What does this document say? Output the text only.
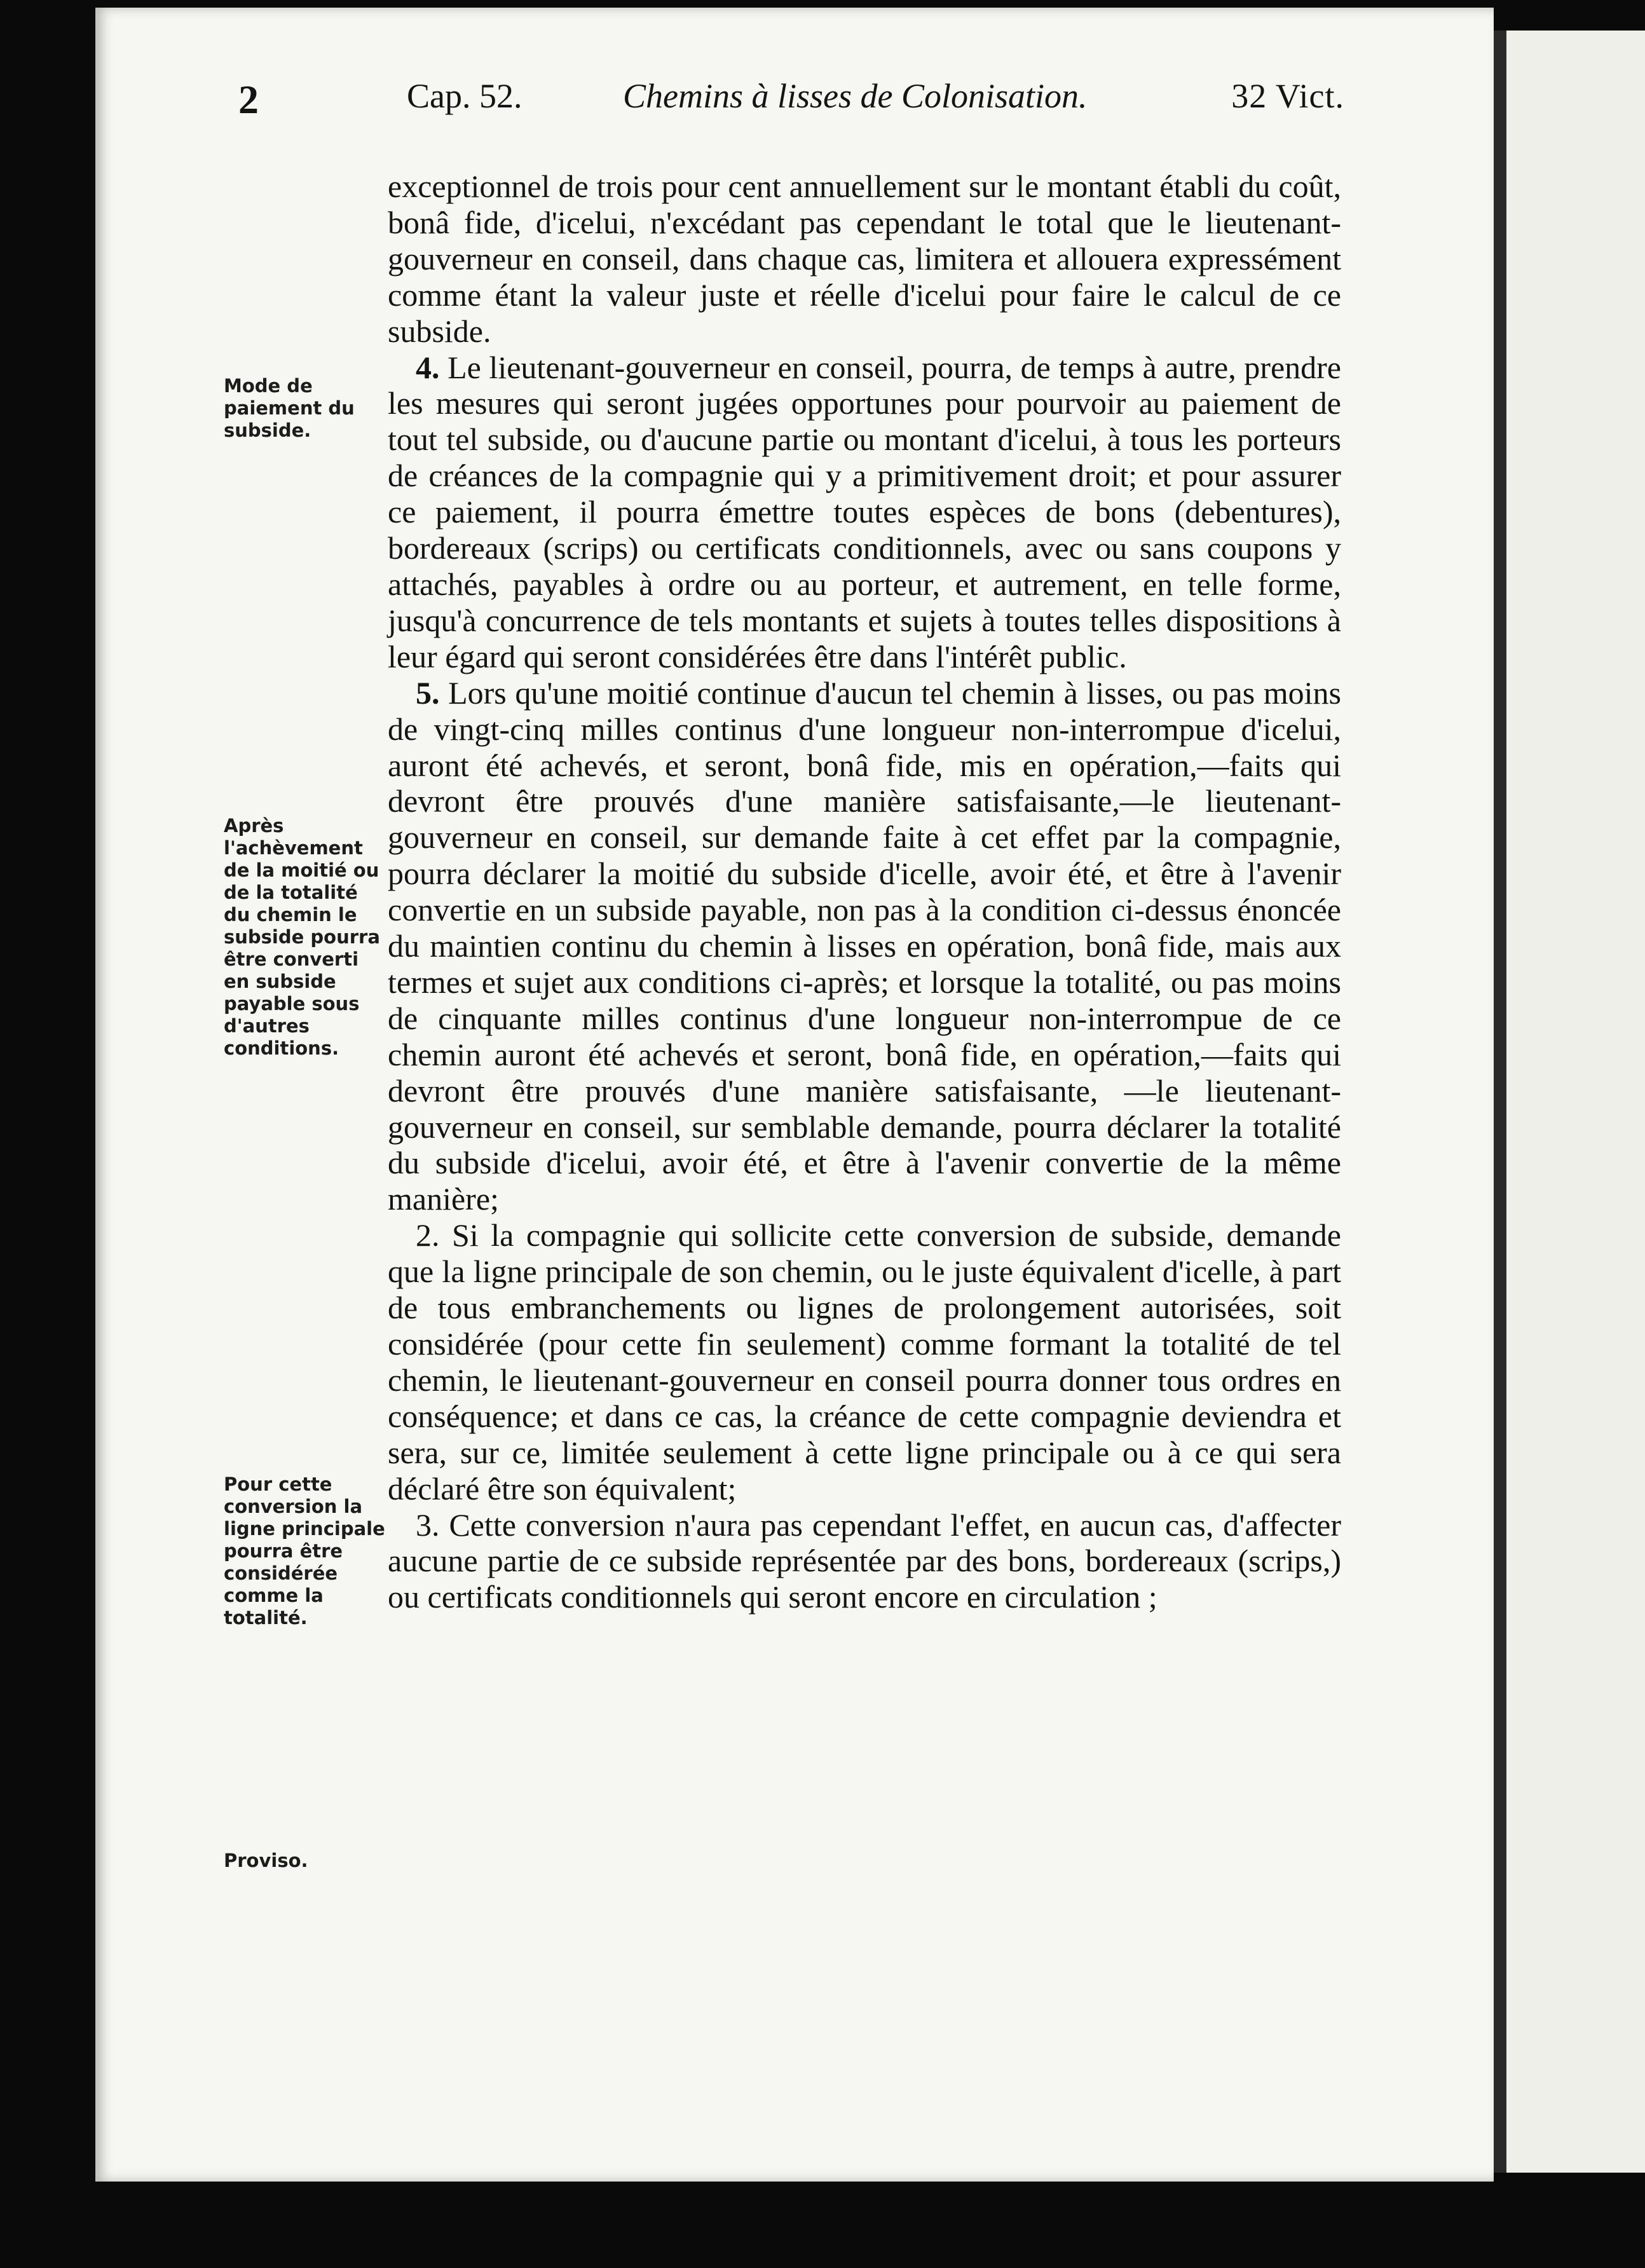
2	Cap. 52.	Chemins à lisses de Colonisation.	32 Vict.

exceptionnel de trois pour cent annuellement sur le montant établi du coût, bonâ fide, d'icelui, n'excédant pas cependant le total que le lieutenant-gouverneur en conseil, dans chaque cas, limitera et allouera expressément comme étant la valeur juste et réelle d'icelui pour faire le calcul de ce subside.

4. Le lieutenant-gouverneur en conseil, pourra, de temps à autre, prendre les mesures qui seront jugées opportunes pour pourvoir au paiement de tout tel subside, ou d'aucune partie ou montant d'icelui, à tous les porteurs de créances de la compagnie qui y a primitivement droit; et pour assurer ce paiement, il pourra émettre toutes espèces de bons (debentures), bordereaux (scrips) ou certificats conditionnels, avec ou sans coupons y attachés, payables à ordre ou au porteur, et autrement, en telle forme, jusqu'à concurrence de tels montants et sujets à toutes telles dispositions à leur égard qui seront considérées être dans l'intérêt public.

5. Lors qu'une moitié continue d'aucun tel chemin à lisses, ou pas moins de vingt-cinq milles continus d'une longueur non-interrompue d'icelui, auront été achevés, et seront, bonâ fide, mis en opération,—faits qui devront être prouvés d'une manière satisfaisante,—le lieutenant-gouverneur en conseil, sur demande faite à cet effet par la compagnie, pourra déclarer la moitié du subside d'icelle, avoir été, et être à l'avenir convertie en un subside payable, non pas à la condition ci-dessus énoncée du maintien continu du chemin à lisses en opération, bonâ fide, mais aux termes et sujet aux conditions ci-après; et lorsque la totalité, ou pas moins de cinquante milles continus d'une longueur non-interrompue de ce chemin auront été achevés et seront, bonâ fide, en opération,—faits qui devront être prouvés d'une manière satisfaisante, —le lieutenant-gouverneur en conseil, sur semblable demande, pourra déclarer la totalité du subside d'icelui, avoir été, et être à l'avenir convertie de la même manière;

2. Si la compagnie qui sollicite cette conversion de subside, demande que la ligne principale de son chemin, ou le juste équivalent d'icelle, à part de tous embranchements ou lignes de prolongement autorisées, soit considérée (pour cette fin seulement) comme formant la totalité de tel chemin, le lieutenant-gouverneur en conseil pourra donner tous ordres en conséquence; et dans ce cas, la créance de cette compagnie deviendra et sera, sur ce, limitée seulement à cette ligne principale ou à ce qui sera déclaré être son équivalent;

3. Cette conversion n'aura pas cependant l'effet, en aucun cas, d'affecter aucune partie de ce subside représentée par des bons, bordereaux (scrips,) ou certificats conditionnels qui seront encore en circulation ;

Mode de paiement du subside.
Après l'achèvement de la moitié ou de la totalité du chemin le subside pourra être converti en subside payable sous d'autres conditions.
Pour cette conversion la ligne principale pourra être considérée comme la totalité.
Proviso.
